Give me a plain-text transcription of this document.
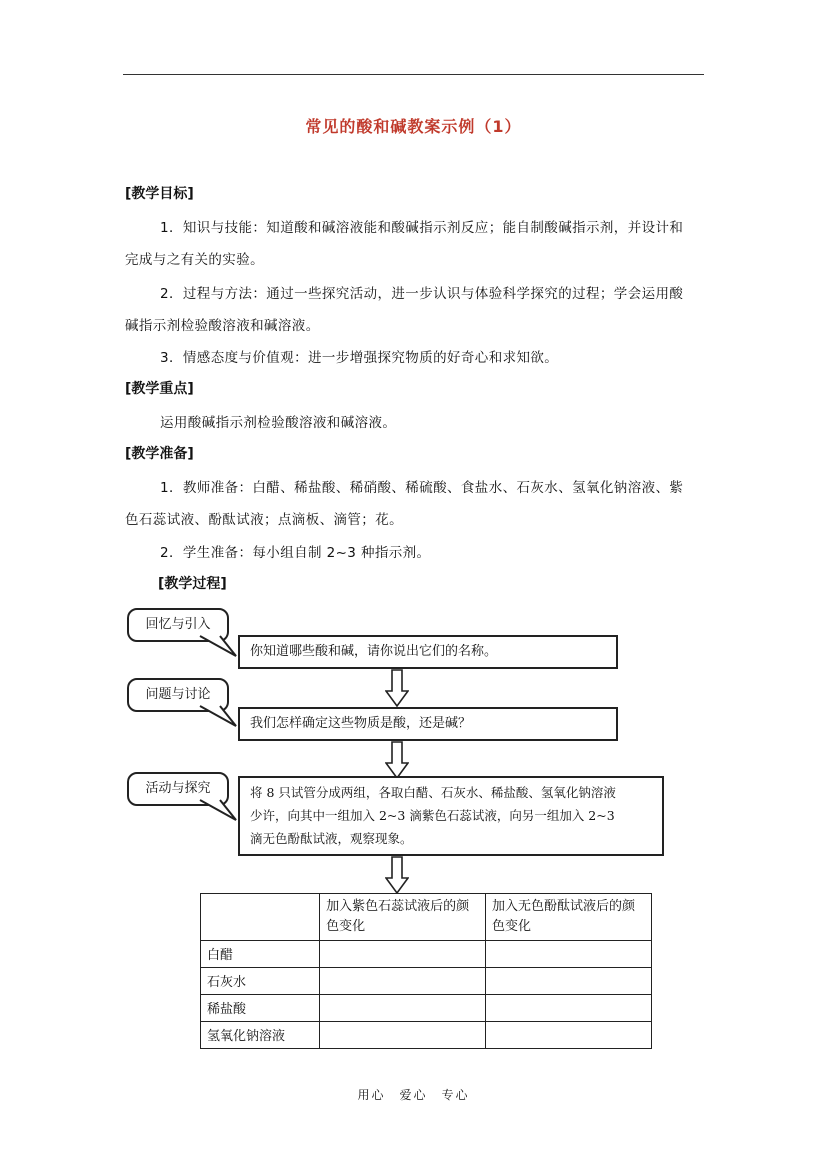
常见的酸和碱教案示例（1）
[教学目标]
1．知识与技能：知道酸和碱溶液能和酸碱指示剂反应；能自制酸碱指示剂，并设计和
完成与之有关的实验。
2．过程与方法：通过一些探究活动，进一步认识与体验科学探究的过程；学会运用酸
碱指示剂检验酸溶液和碱溶液。
3．情感态度与价值观：进一步增强探究物质的好奇心和求知欲。
[教学重点]
运用酸碱指示剂检验酸溶液和碱溶液。
[教学准备]
1．教师准备：白醋、稀盐酸、稀硝酸、稀硫酸、食盐水、石灰水、氢氧化钠溶液、紫
色石蕊试液、酚酞试液；点滴板、滴管；花。
2．学生准备：每小组自制 2~3 种指示剂。
[教学过程]
回忆与引入
你知道哪些酸和碱，请你说出它们的名称。
问题与讨论
我们怎样确定这些物质是酸，还是碱？
活动与探究	将 8 只试管分成两组，各取白醋、石灰水、稀盐酸、氢氧化钠溶液
少许，向其中一组加入 2~3 滴紫色石蕊试液，向另一组加入 2~3
滴无色酚酞试液，观察现象。
	加入紫色石蕊试液后的颜色变化	加入无色酚酞试液后的颜色变化
白醋		
石灰水		
稀盐酸		
氢氧化钠溶液		
用心　爱心　专心
